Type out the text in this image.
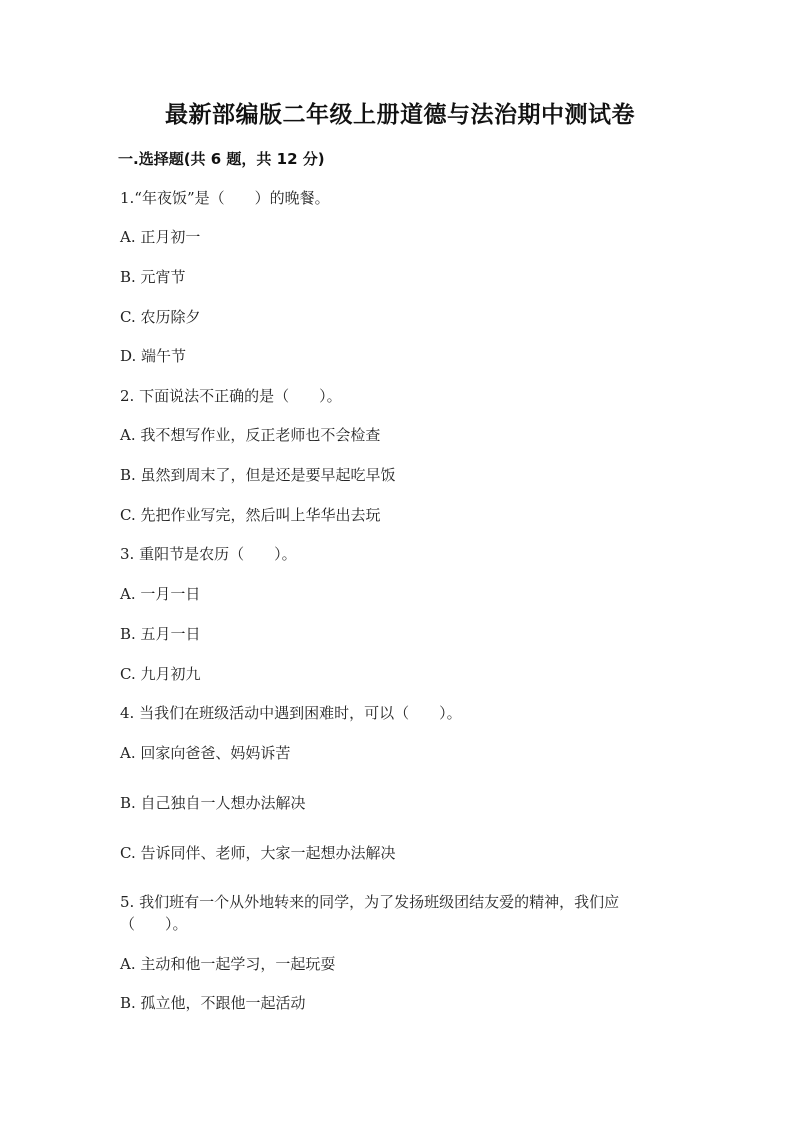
最新部编版二年级上册道德与法治期中测试卷
一.选择题(共 6 题，共 12 分)
1.“年夜饭”是（　　）的晚餐。
A. 正月初一
B. 元宵节
C. 农历除夕
D. 端午节
2. 下面说法不正确的是（　　）。
A. 我不想写作业，反正老师也不会检查
B. 虽然到周末了，但是还是要早起吃早饭
C. 先把作业写完，然后叫上华华出去玩
3. 重阳节是农历（　　）。
A. 一月一日
B. 五月一日
C. 九月初九
4. 当我们在班级活动中遇到困难时，可以（　　）。
A. 回家向爸爸、妈妈诉苦
B. 自己独自一人想办法解决
C. 告诉同伴、老师，大家一起想办法解决
5. 我们班有一个从外地转来的同学，为了发扬班级团结友爱的精神，我们应（　　）。
A. 主动和他一起学习，一起玩耍
B. 孤立他，不跟他一起活动
